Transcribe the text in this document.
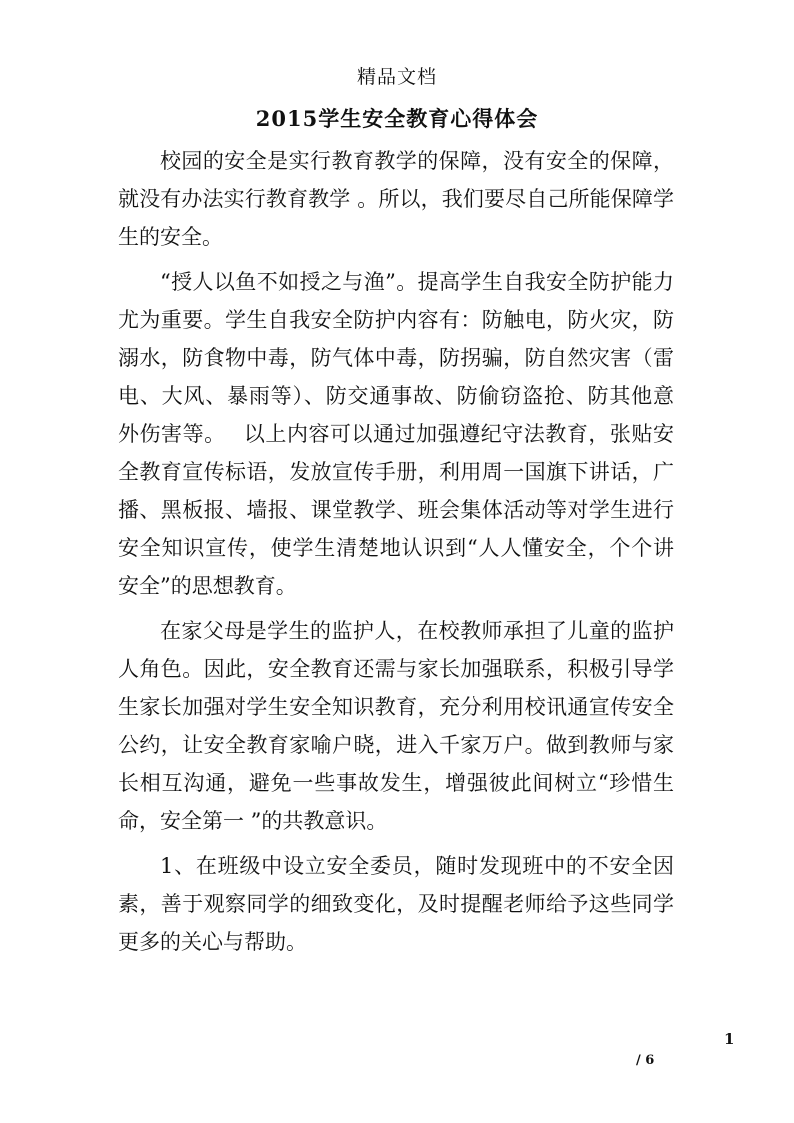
精品文档
2015学生安全教育心得体会

校园的安全是实行教育教学的保障，没有安全的保障，就没有办法实行教育教学 。所以，我们要尽自己所能保障学生的安全。

“授人以鱼不如授之与渔”。提高学生自我安全防护能力尤为重要。学生自我安全防护内容有：防触电，防火灾，防溺水，防食物中毒，防气体中毒，防拐骗，防自然灾害（雷电、大风、暴雨等）、防交通事故、防偷窃盗抢、防其他意外伤害等。　 以上内容可以通过加强遵纪守法教育，张贴安全教育宣传标语，发放宣传手册，利用周一国旗下讲话，广播、黑板报、墙报、课堂教学、班会集体活动等对学生进行安全知识宣传，使学生清楚地认识到“人人懂安全，个个讲安全”的思想教育。

在家父母是学生的监护人，在校教师承担了儿童的监护人角色。因此，安全教育还需与家长加强联系，积极引导学生家长加强对学生安全知识教育，充分利用校讯通宣传安全公约，让安全教育家喻户晓，进入千家万户。做到教师与家长相互沟通，避免一些事故发生，增强彼此间树立“珍惜生命，安全第一 ”的共教意识。

1、在班级中设立安全委员，随时发现班中的不安全因素，善于观察同学的细致变化，及时提醒老师给予这些同学更多的关心与帮助。

1
/ 6
